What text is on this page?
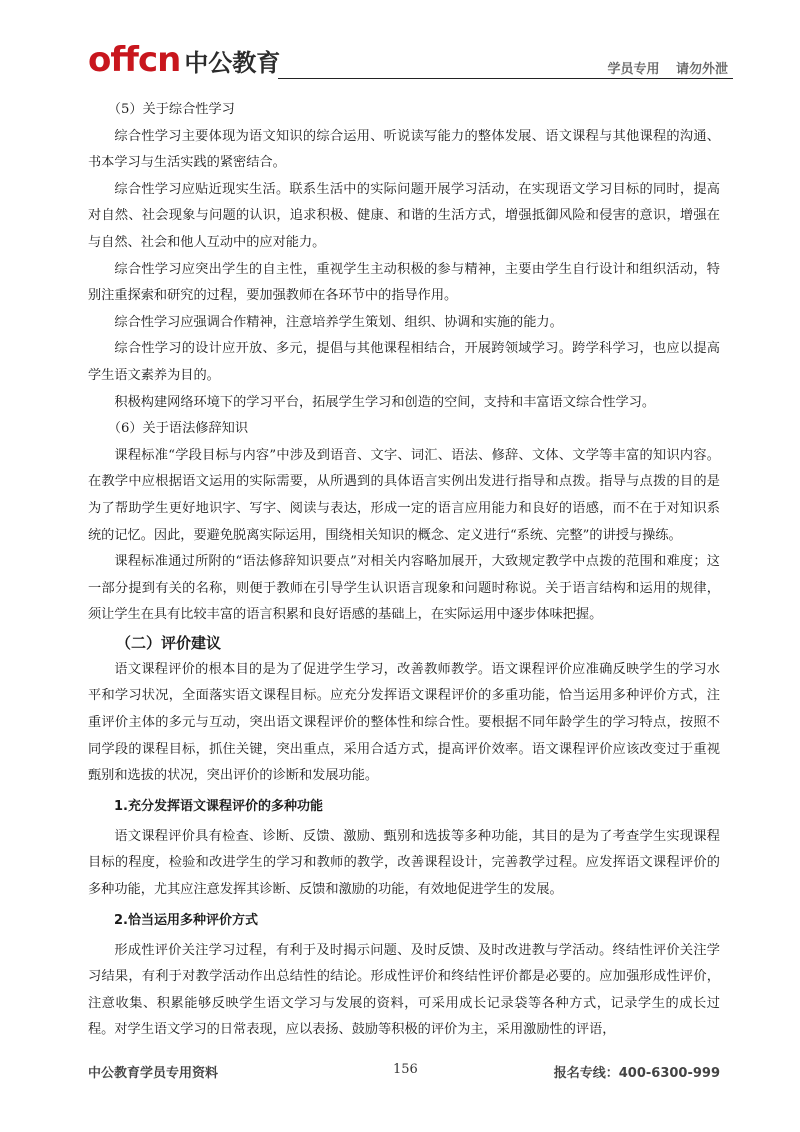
offcn 中公教育	学员专用 请勿外泄

（5）关于综合性学习

综合性学习主要体现为语文知识的综合运用、听说读写能力的整体发展、语文课程与其他课程的沟通、书本学习与生活实践的紧密结合。

综合性学习应贴近现实生活。联系生活中的实际问题开展学习活动，在实现语文学习目标的同时，提高对自然、社会现象与问题的认识，追求积极、健康、和谐的生活方式，增强抵御风险和侵害的意识，增强在与自然、社会和他人互动中的应对能力。

综合性学习应突出学生的自主性，重视学生主动积极的参与精神，主要由学生自行设计和组织活动，特别注重探索和研究的过程，要加强教师在各环节中的指导作用。

综合性学习应强调合作精神，注意培养学生策划、组织、协调和实施的能力。

综合性学习的设计应开放、多元，提倡与其他课程相结合，开展跨领域学习。跨学科学习，也应以提高学生语文素养为目的。

积极构建网络环境下的学习平台，拓展学生学习和创造的空间，支持和丰富语文综合性学习。

（6）关于语法修辞知识

课程标准“学段目标与内容”中涉及到语音、文字、词汇、语法、修辞、文体、文学等丰富的知识内容。在教学中应根据语文运用的实际需要，从所遇到的具体语言实例出发进行指导和点拨。指导与点拨的目的是为了帮助学生更好地识字、写字、阅读与表达，形成一定的语言应用能力和良好的语感，而不在于对知识系统的记忆。因此，要避免脱离实际运用，围绕相关知识的概念、定义进行“系统、完整”的讲授与操练。

课程标准通过所附的“语法修辞知识要点”对相关内容略加展开，大致规定教学中点拨的范围和难度；这一部分提到有关的名称，则便于教师在引导学生认识语言现象和问题时称说。关于语言结构和运用的规律，须让学生在具有比较丰富的语言积累和良好语感的基础上，在实际运用中逐步体味把握。

（二）评价建议

语文课程评价的根本目的是为了促进学生学习，改善教师教学。语文课程评价应准确反映学生的学习水平和学习状况，全面落实语文课程目标。应充分发挥语文课程评价的多重功能，恰当运用多种评价方式，注重评价主体的多元与互动，突出语文课程评价的整体性和综合性。要根据不同年龄学生的学习特点，按照不同学段的课程目标，抓住关键，突出重点，采用合适方式，提高评价效率。语文课程评价应该改变过于重视甄别和选拔的状况，突出评价的诊断和发展功能。

1.充分发挥语文课程评价的多种功能

语文课程评价具有检查、诊断、反馈、激励、甄别和选拔等多种功能，其目的是为了考查学生实现课程目标的程度，检验和改进学生的学习和教师的教学，改善课程设计，完善教学过程。应发挥语文课程评价的多种功能，尤其应注意发挥其诊断、反馈和激励的功能，有效地促进学生的发展。

2.恰当运用多种评价方式

形成性评价关注学习过程，有利于及时揭示问题、及时反馈、及时改进教与学活动。终结性评价关注学习结果，有利于对教学活动作出总结性的结论。形成性评价和终结性评价都是必要的。应加强形成性评价，注意收集、积累能够反映学生语文学习与发展的资料，可采用成长记录袋等各种方式，记录学生的成长过程。对学生语文学习的日常表现，应以表扬、鼓励等积极的评价为主，采用激励性的评语，

中公教育学员专用资料	156	报名专线：400-6300-999
